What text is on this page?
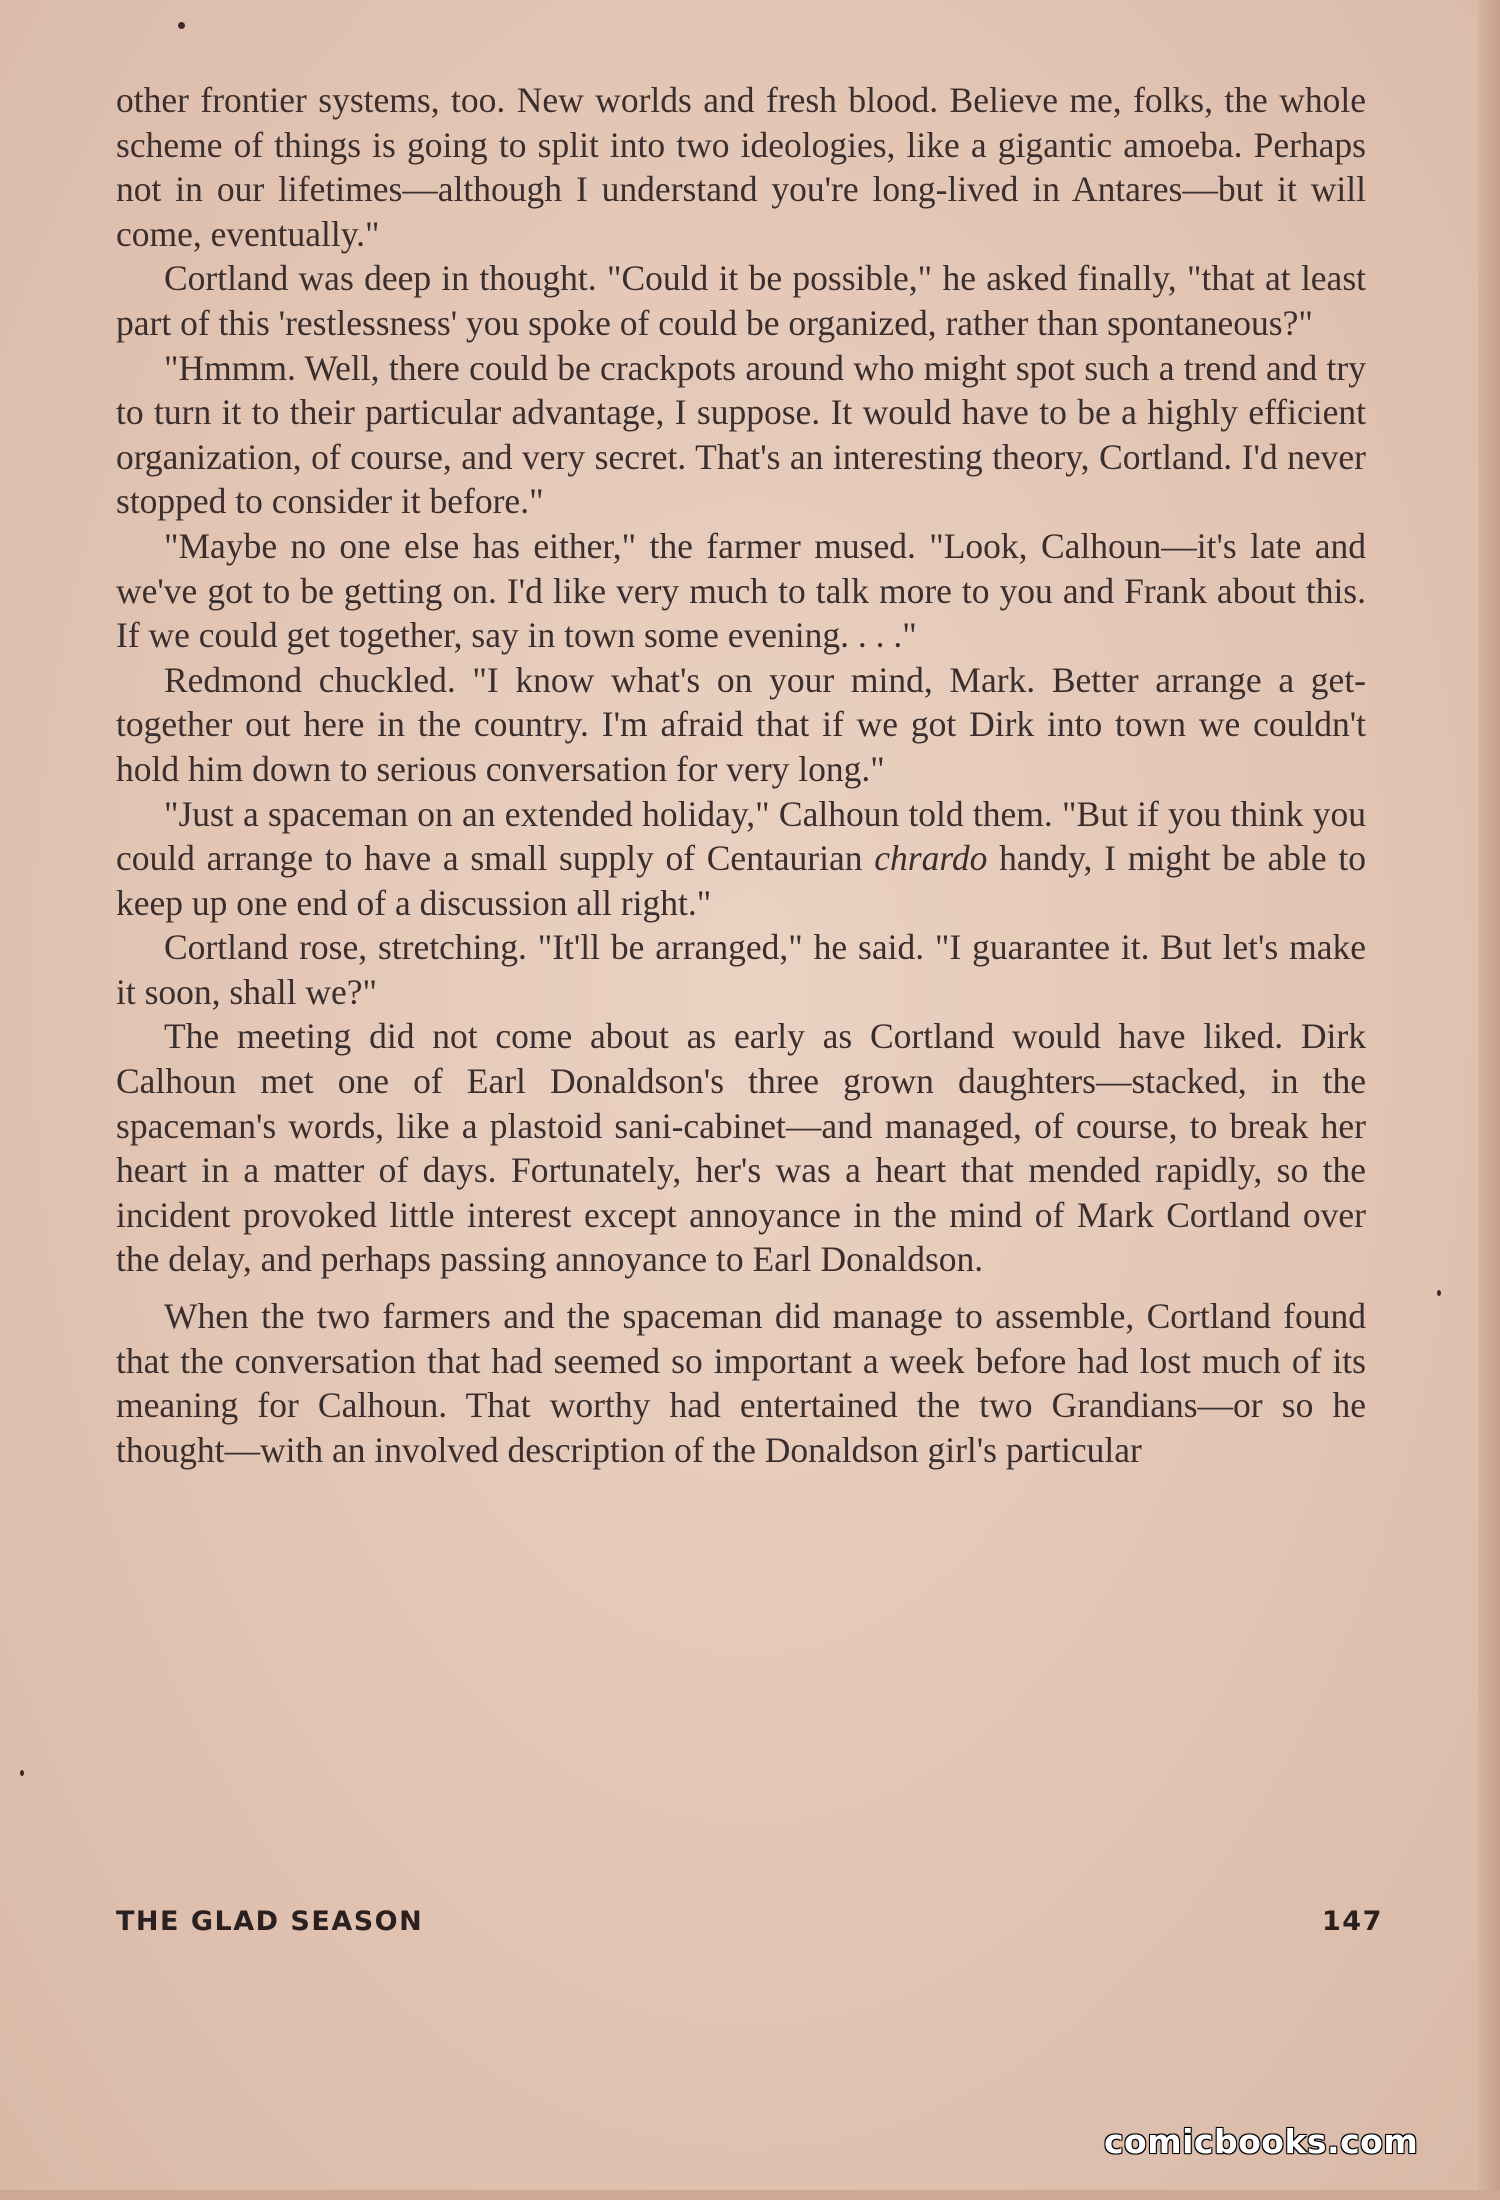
other frontier systems, too. New worlds and fresh blood. Believe me, folks, the whole scheme of things is going to split into two ideologies, like a gigantic amoeba. Perhaps not in our lifetimes—although I understand you're long-lived in Antares—but it will come, eventually."

Cortland was deep in thought. "Could it be possible," he asked finally, "that at least part of this 'restlessness' you spoke of could be organized, rather than spontaneous?"

"Hmmm. Well, there could be crackpots around who might spot such a trend and try to turn it to their particular advantage, I suppose. It would have to be a highly efficient organization, of course, and very secret. That's an interesting theory, Cortland. I'd never stopped to consider it before."

"Maybe no one else has either," the farmer mused. "Look, Calhoun—it's late and we've got to be getting on. I'd like very much to talk more to you and Frank about this. If we could get together, say in town some evening. . . ."

Redmond chuckled. "I know what's on your mind, Mark. Better arrange a get-together out here in the country. I'm afraid that if we got Dirk into town we couldn't hold him down to serious conversation for very long."

"Just a spaceman on an extended holiday," Calhoun told them. "But if you think you could arrange to have a small supply of Centaurian chrardo handy, I might be able to keep up one end of a discussion all right."

Cortland rose, stretching. "It'll be arranged," he said. "I guarantee it. But let's make it soon, shall we?"

The meeting did not come about as early as Cortland would have liked. Dirk Calhoun met one of Earl Donaldson's three grown daughters—stacked, in the spaceman's words, like a plastoid sani-cabinet—and managed, of course, to break her heart in a matter of days. Fortunately, her's was a heart that mended rapidly, so the incident provoked little interest except annoyance in the mind of Mark Cortland over the delay, and perhaps passing annoyance to Earl Donaldson.

When the two farmers and the spaceman did manage to assemble, Cortland found that the conversation that had seemed so important a week before had lost much of its meaning for Calhoun. That worthy had entertained the two Grandians—or so he thought—with an involved description of the Donaldson girl's particular

THE GLAD SEASON	147
comicbooks.com
